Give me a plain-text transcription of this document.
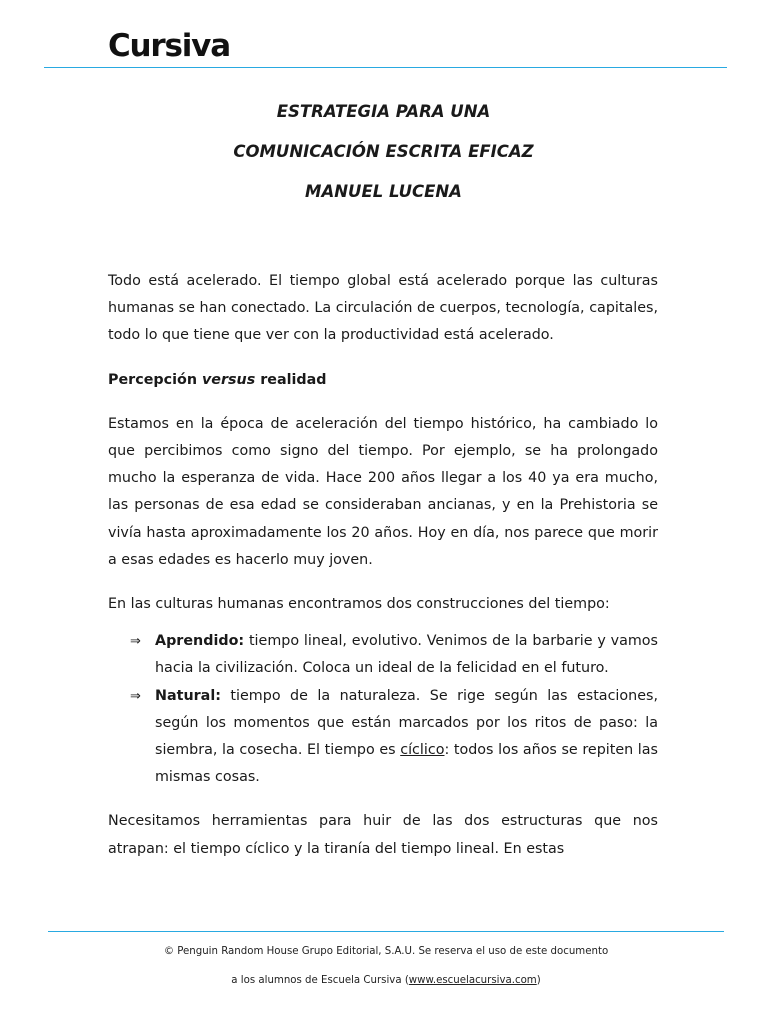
Cursiva

ESTRATEGIA PARA UNA

COMUNICACIÓN ESCRITA EFICAZ

MANUEL LUCENA

Todo está acelerado. El tiempo global está acelerado porque las culturas humanas se han conectado. La circulación de cuerpos, tecnología, capitales, todo lo que tiene que ver con la productividad está acelerado.

Percepción versus realidad

Estamos en la época de aceleración del tiempo histórico, ha cambiado lo que percibimos como signo del tiempo. Por ejemplo, se ha prolongado mucho la esperanza de vida. Hace 200 años llegar a los 40 ya era mucho, las personas de esa edad se consideraban ancianas, y en la Prehistoria se vivía hasta aproximadamente los 20 años. Hoy en día, nos parece que morir a esas edades es hacerlo muy joven.

En las culturas humanas encontramos dos construcciones del tiempo:

⇒ Aprendido: tiempo lineal, evolutivo. Venimos de la barbarie y vamos hacia la civilización. Coloca un ideal de la felicidad en el futuro.
⇒ Natural: tiempo de la naturaleza. Se rige según las estaciones, según los momentos que están marcados por los ritos de paso: la siembra, la cosecha. El tiempo es cíclico: todos los años se repiten las mismas cosas.

Necesitamos herramientas para huir de las dos estructuras que nos atrapan: el tiempo cíclico y la tiranía del tiempo lineal. En estas

© Penguin Random House Grupo Editorial, S.A.U. Se reserva el uso de este documento

a los alumnos de Escuela Cursiva (www.escuelacursiva.com)
